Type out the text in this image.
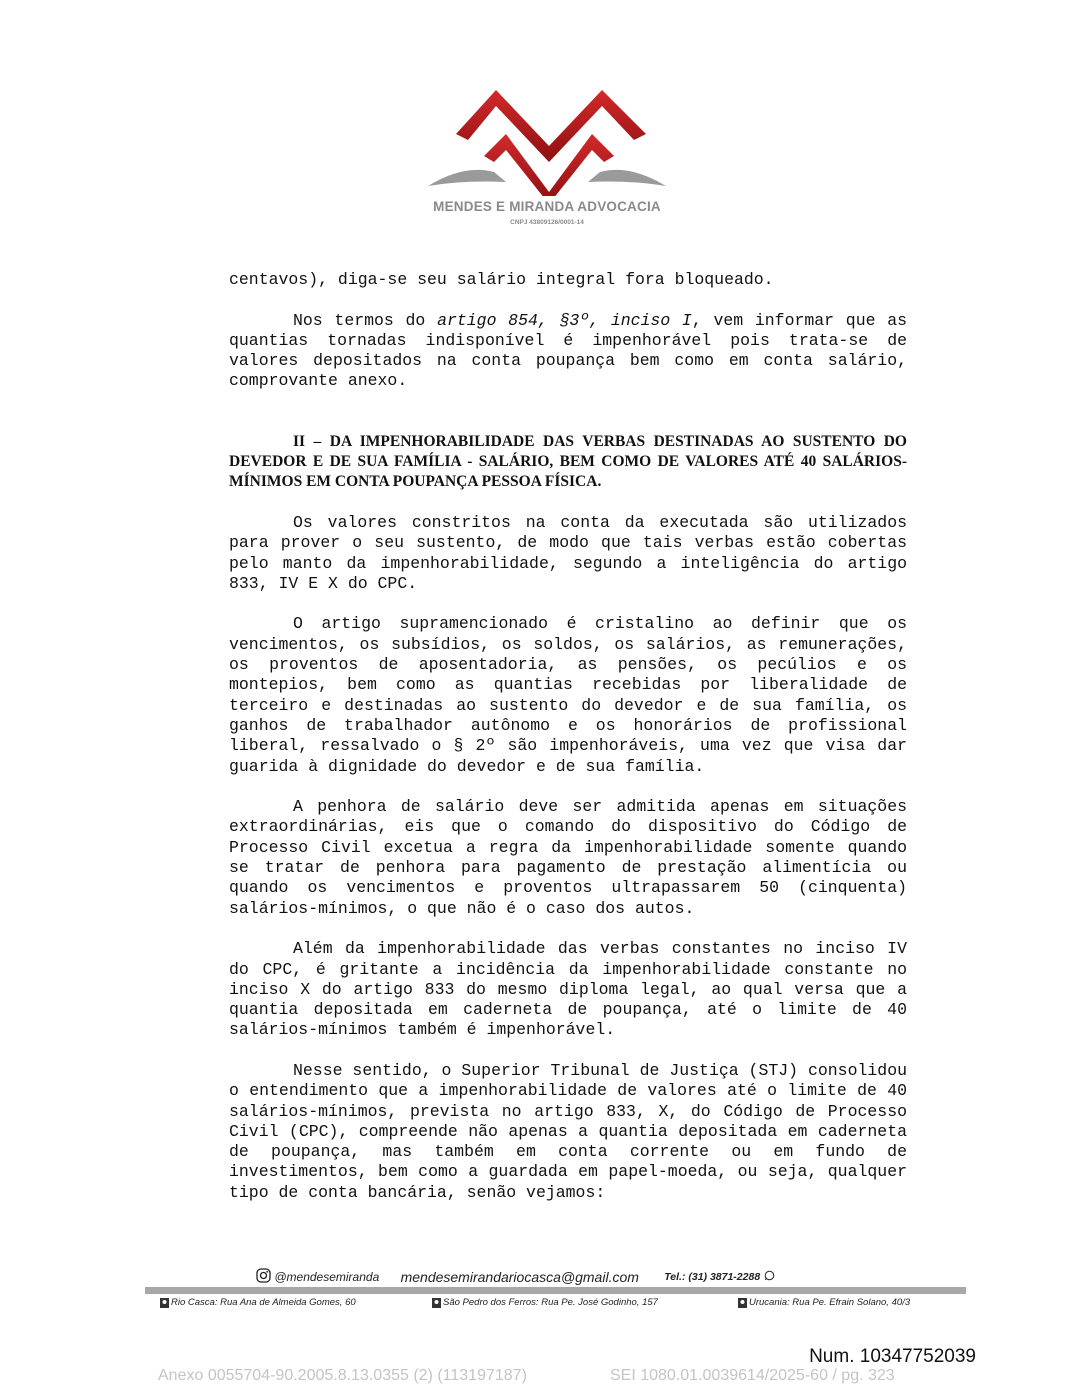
MENDES E MIRANDA ADVOCACIA
CNPJ 43809126/0001-14

centavos), diga-se seu salário integral fora bloqueado.

Nos termos do artigo 854, §3º, inciso I, vem informar que as quantias tornadas indisponível é impenhorável pois trata-se de valores depositados na conta poupança bem como em conta salário, comprovante anexo.

II – DA IMPENHORABILIDADE DAS VERBAS DESTINADAS AO SUSTENTO DO DEVEDOR E DE SUA FAMÍLIA - SALÁRIO, BEM COMO DE VALORES ATÉ 40 SALÁRIOS-MÍNIMOS EM CONTA POUPANÇA PESSOA FÍSICA.

Os valores constritos na conta da executada são utilizados para prover o seu sustento, de modo que tais verbas estão cobertas pelo manto da impenhorabilidade, segundo a inteligência do artigo 833, IV E X do CPC.

O artigo supramencionado é cristalino ao definir que os vencimentos, os subsídios, os soldos, os salários, as remunerações, os proventos de aposentadoria, as pensões, os pecúlios e os montepios, bem como as quantias recebidas por liberalidade de terceiro e destinadas ao sustento do devedor e de sua família, os ganhos de trabalhador autônomo e os honorários de profissional liberal, ressalvado o § 2º são impenhoráveis, uma vez que visa dar guarida à dignidade do devedor e de sua família.

A penhora de salário deve ser admitida apenas em situações extraordinárias, eis que o comando do dispositivo do Código de Processo Civil excetua a regra da impenhorabilidade somente quando se tratar de penhora para pagamento de prestação alimentícia ou quando os vencimentos e proventos ultrapassarem 50 (cinquenta) salários-mínimos, o que não é o caso dos autos.

Além da impenhorabilidade das verbas constantes no inciso IV do CPC, é gritante a incidência da impenhorabilidade constante no inciso X do artigo 833 do mesmo diploma legal, ao qual versa que a quantia depositada em caderneta de poupança, até o limite de 40 salários-mínimos também é impenhorável.

Nesse sentido, o Superior Tribunal de Justiça (STJ) consolidou o entendimento que a impenhorabilidade de valores até o limite de 40 salários-mínimos, prevista no artigo 833, X, do Código de Processo Civil (CPC), compreende não apenas a quantia depositada em caderneta de poupança, mas também em conta corrente ou em fundo de investimentos, bem como a guardada em papel-moeda, ou seja, qualquer tipo de conta bancária, senão vejamos:

@mendesemiranda mendesemirandariocasca@gmail.com Tel.: (31) 3871-2288
Rio Casca: Rua Ana de Almeida Gomes, 60	São Pedro dos Ferros: Rua Pe. José Godinho, 157	Urucania: Rua Pe. Efrain Solano, 40/3
Num. 10347752039
Anexo 0055704-90.2005.8.13.0355 (2) (113197187)	SEI 1080.01.0039614/2025-60 / pg. 323
